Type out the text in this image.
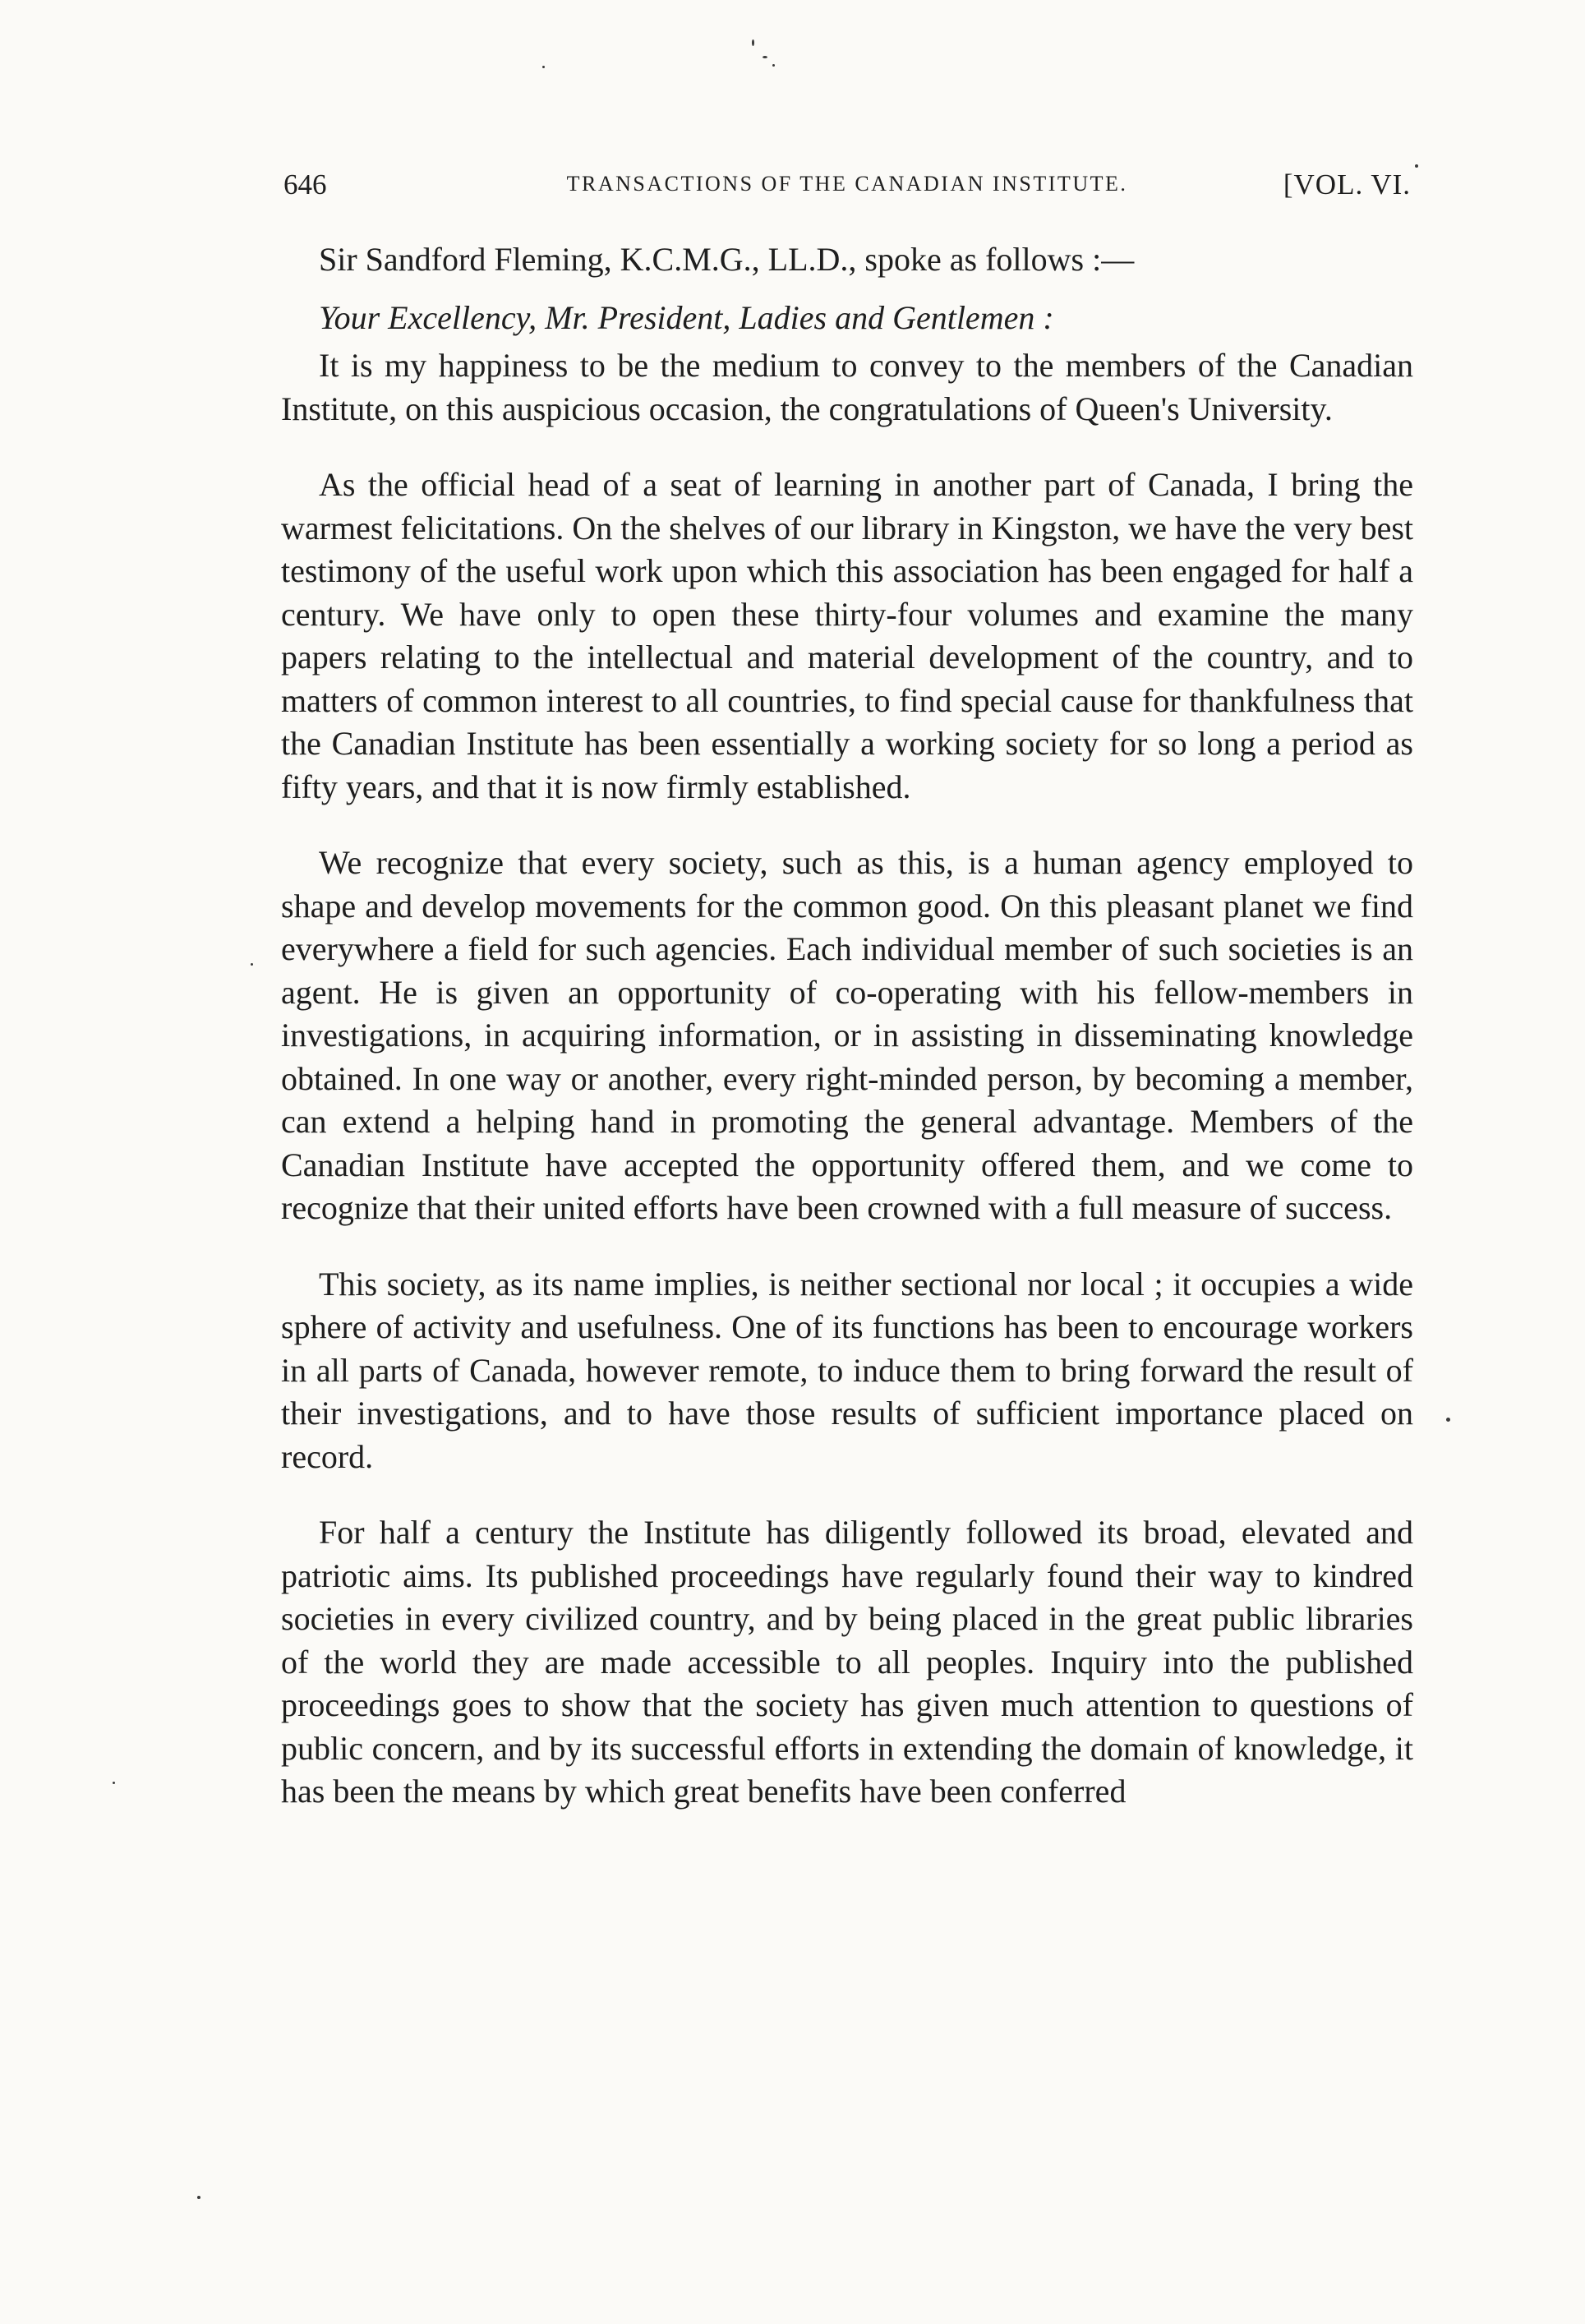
646	TRANSACTIONS OF THE CANADIAN INSTITUTE.	[VOL. VI.

Sir Sandford Fleming, K.C.M.G., LL.D., spoke as follows :—

Your Excellency, Mr. President, Ladies and Gentlemen :

It is my happiness to be the medium to convey to the members of the Canadian Institute, on this auspicious occasion, the congratulations of Queen's University.

As the official head of a seat of learning in another part of Canada, I bring the warmest felicitations. On the shelves of our library in Kingston, we have the very best testimony of the useful work upon which this association has been engaged for half a century. We have only to open these thirty-four volumes and examine the many papers relating to the intellectual and material development of the country, and to matters of common interest to all countries, to find special cause for thankfulness that the Canadian Institute has been essentially a working society for so long a period as fifty years, and that it is now firmly established.

We recognize that every society, such as this, is a human agency employed to shape and develop movements for the common good. On this pleasant planet we find everywhere a field for such agencies. Each individual member of such societies is an agent. He is given an opportunity of co-operating with his fellow-members in investigations, in acquiring information, or in assisting in disseminating knowledge obtained. In one way or another, every right-minded person, by becoming a member, can extend a helping hand in promoting the general advantage. Members of the Canadian Institute have accepted the opportunity offered them, and we come to recognize that their united efforts have been crowned with a full measure of success.

This society, as its name implies, is neither sectional nor local ; it occupies a wide sphere of activity and usefulness. One of its functions has been to encourage workers in all parts of Canada, however remote, to induce them to bring forward the result of their investigations, and to have those results of sufficient importance placed on record.

For half a century the Institute has diligently followed its broad, elevated and patriotic aims. Its published proceedings have regularly found their way to kindred societies in every civilized country, and by being placed in the great public libraries of the world they are made accessible to all peoples. Inquiry into the published proceedings goes to show that the society has given much attention to questions of public concern, and by its successful efforts in extending the domain of knowledge, it has been the means by which great benefits have been conferred
